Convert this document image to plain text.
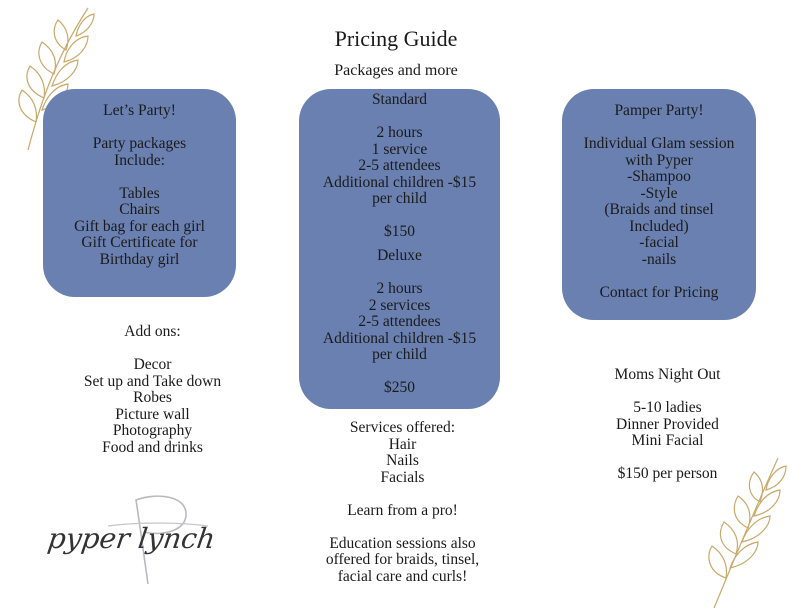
Pricing Guide
Packages and more
Let’s Party!

Party packages
Include:

Tables
Chairs
Gift bag for each girl
Gift Certificate for
Birthday girl
Standard

2 hours
1 service
2-5 attendees
Additional children -$15
per child

$150
Deluxe

2 hours
2 services
2-5 attendees
Additional children -$15
per child

$250
Pamper Party!

Individual Glam session
with Pyper
-Shampoo
-Style
(Braids and tinsel
Included)
-facial
-nails

Contact for Pricing
Add ons:

Decor
Set up and Take down
Robes
Picture wall
Photography
Food and drinks
Services offered:
Hair
Nails
Facials

Learn from a pro!

Education sessions also
offered for braids, tinsel,
facial care and curls!
Moms Night Out

5-10 ladies
Dinner Provided
Mini Facial

$150 per person
pyper lynch
